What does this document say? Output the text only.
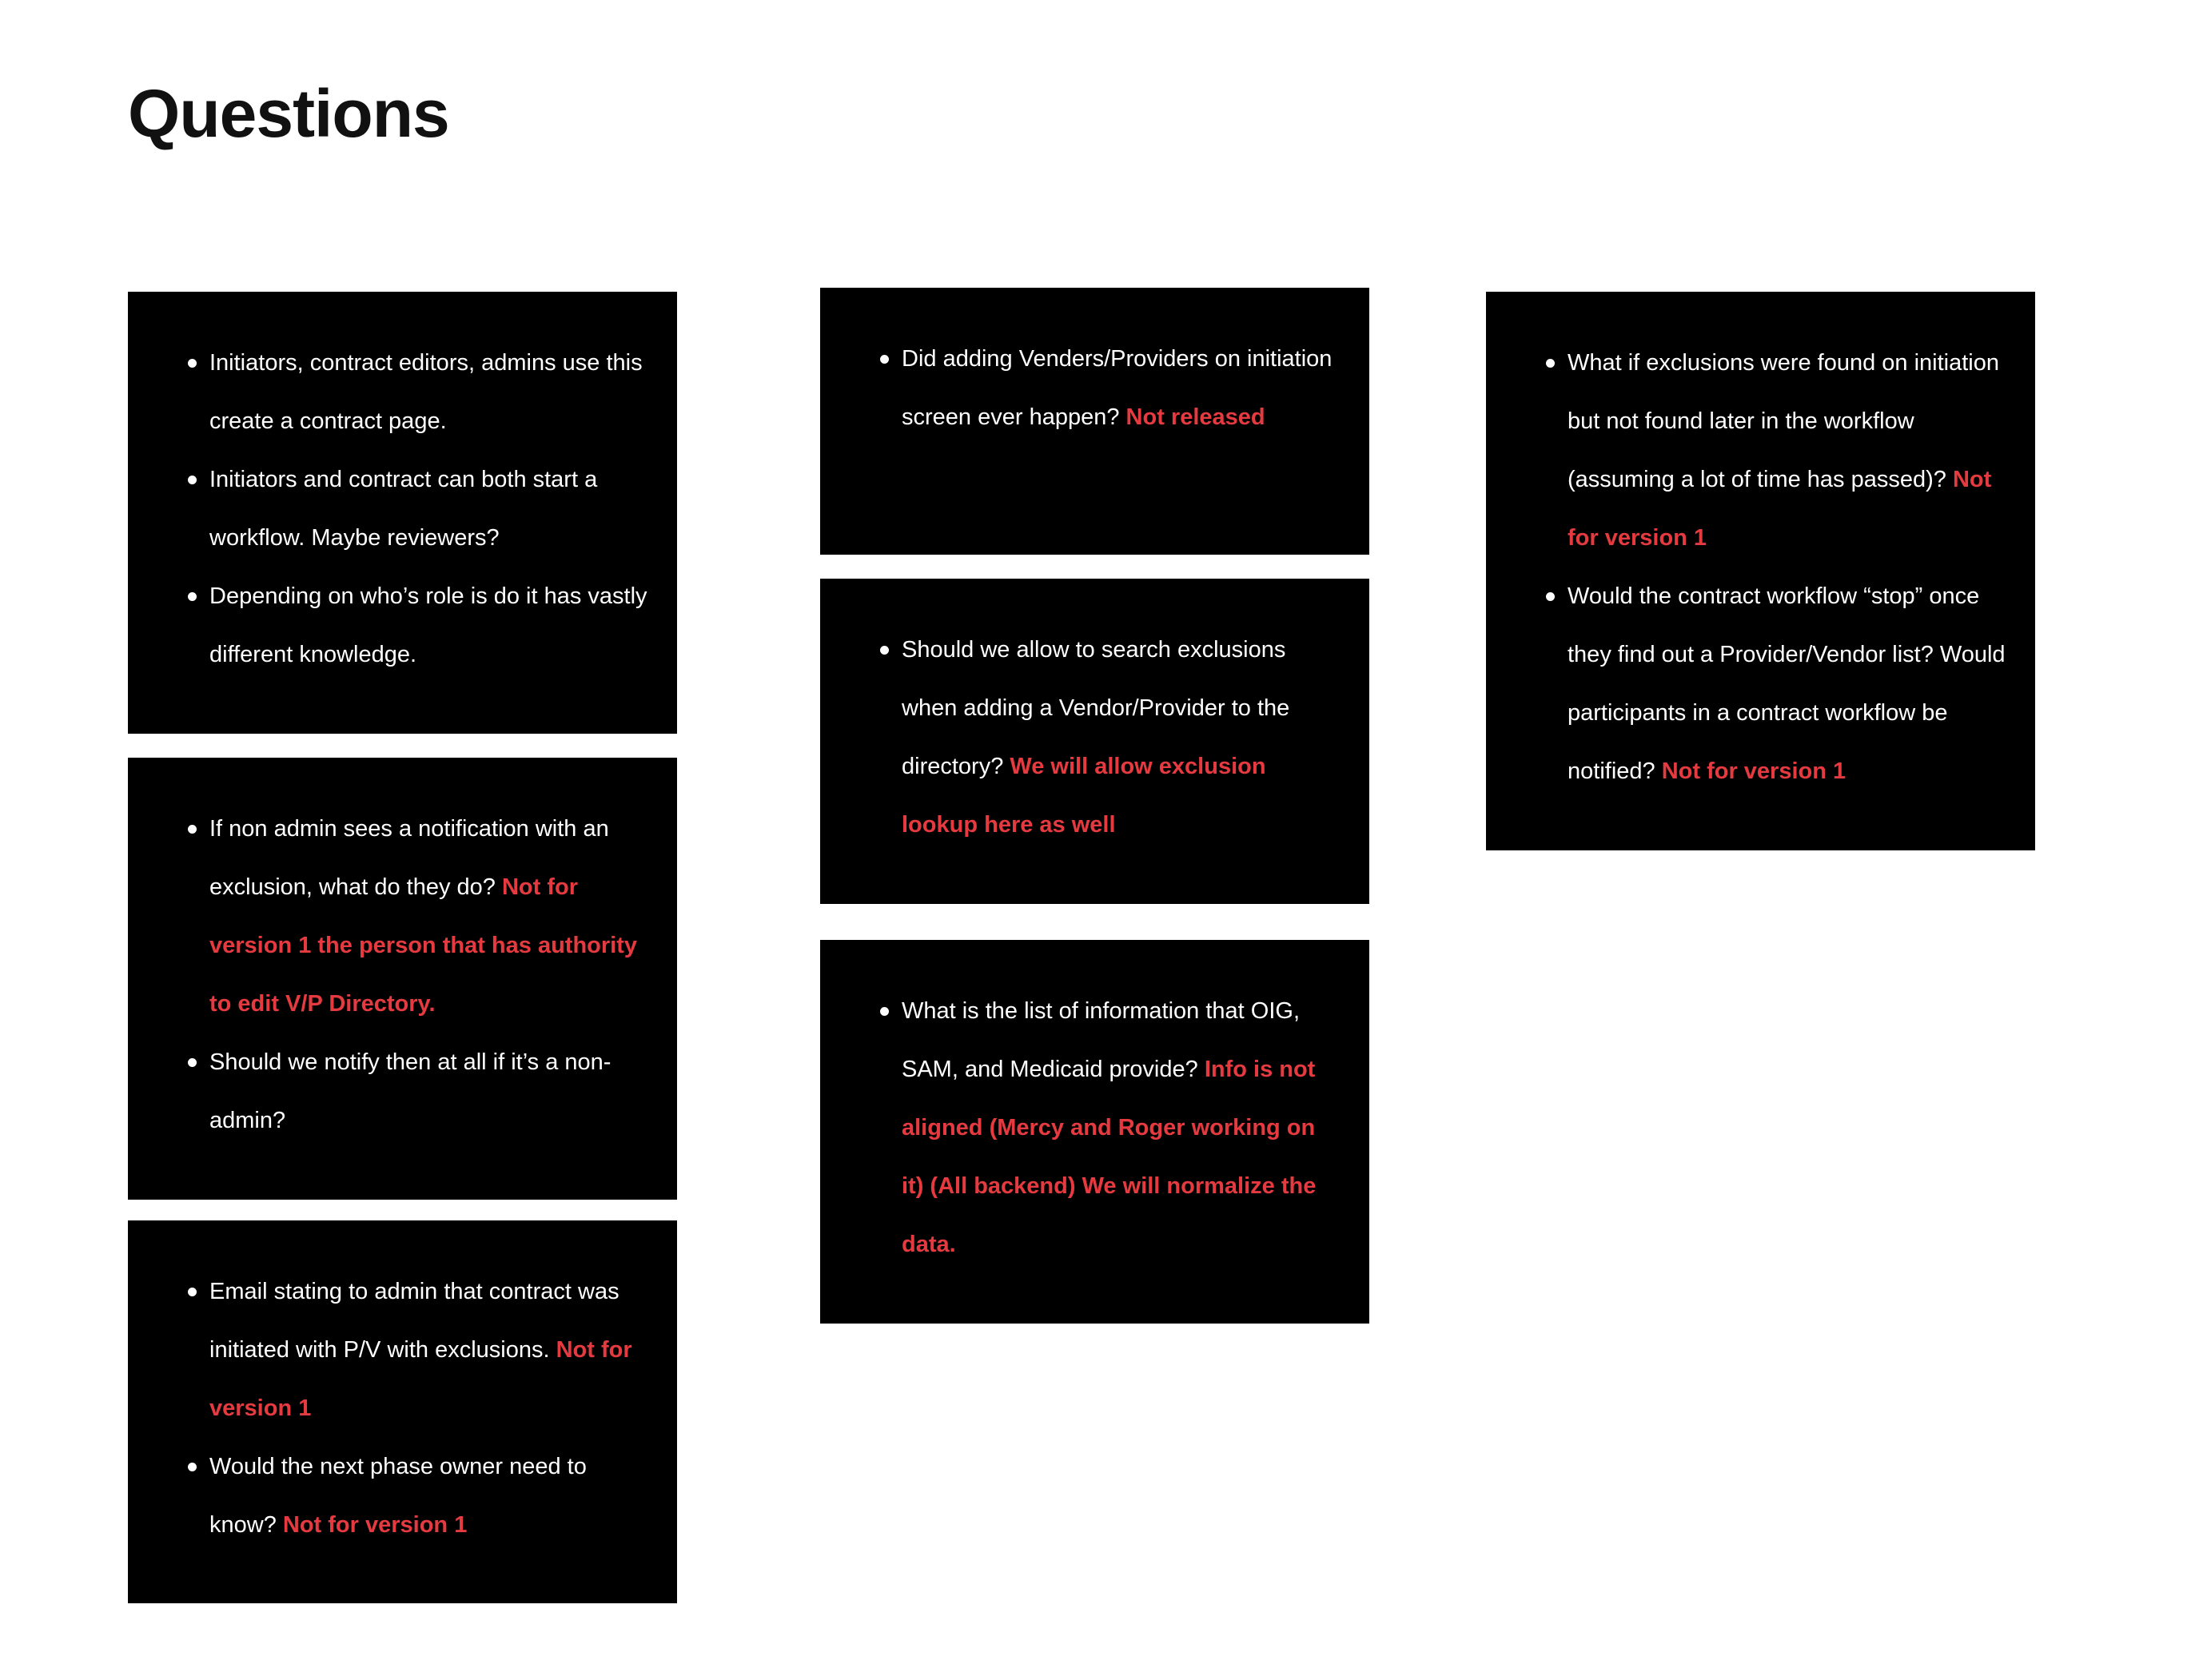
Questions
Initiators, contract editors, admins use this create a contract page.
Initiators and contract can both start a workflow. Maybe reviewers?
Depending on who’s role is do it has vastly different knowledge.
If non admin sees a notification with an exclusion, what do they do? Not for version 1 the person that has authority to edit V/P Directory.
Should we notify then at all if it’s a non-admin?
Email stating to admin that contract was initiated with P/V with exclusions. Not for version 1
Would the next phase owner need to know? Not for version 1
Did adding Venders/Providers on initiation screen ever happen? Not released
Should we allow to search exclusions when adding a Vendor/Provider to the directory? We will allow exclusion lookup here as well
What is the list of information that OIG, SAM, and Medicaid provide? Info is not aligned (Mercy and Roger working on it) (All backend) We will normalize the data.
What if exclusions were found on initiation but not found later in the workflow (assuming a lot of time has passed)? Not for version 1
Would the contract workflow “stop” once they find out a Provider/Vendor list? Would participants in a contract workflow be notified? Not for version 1
